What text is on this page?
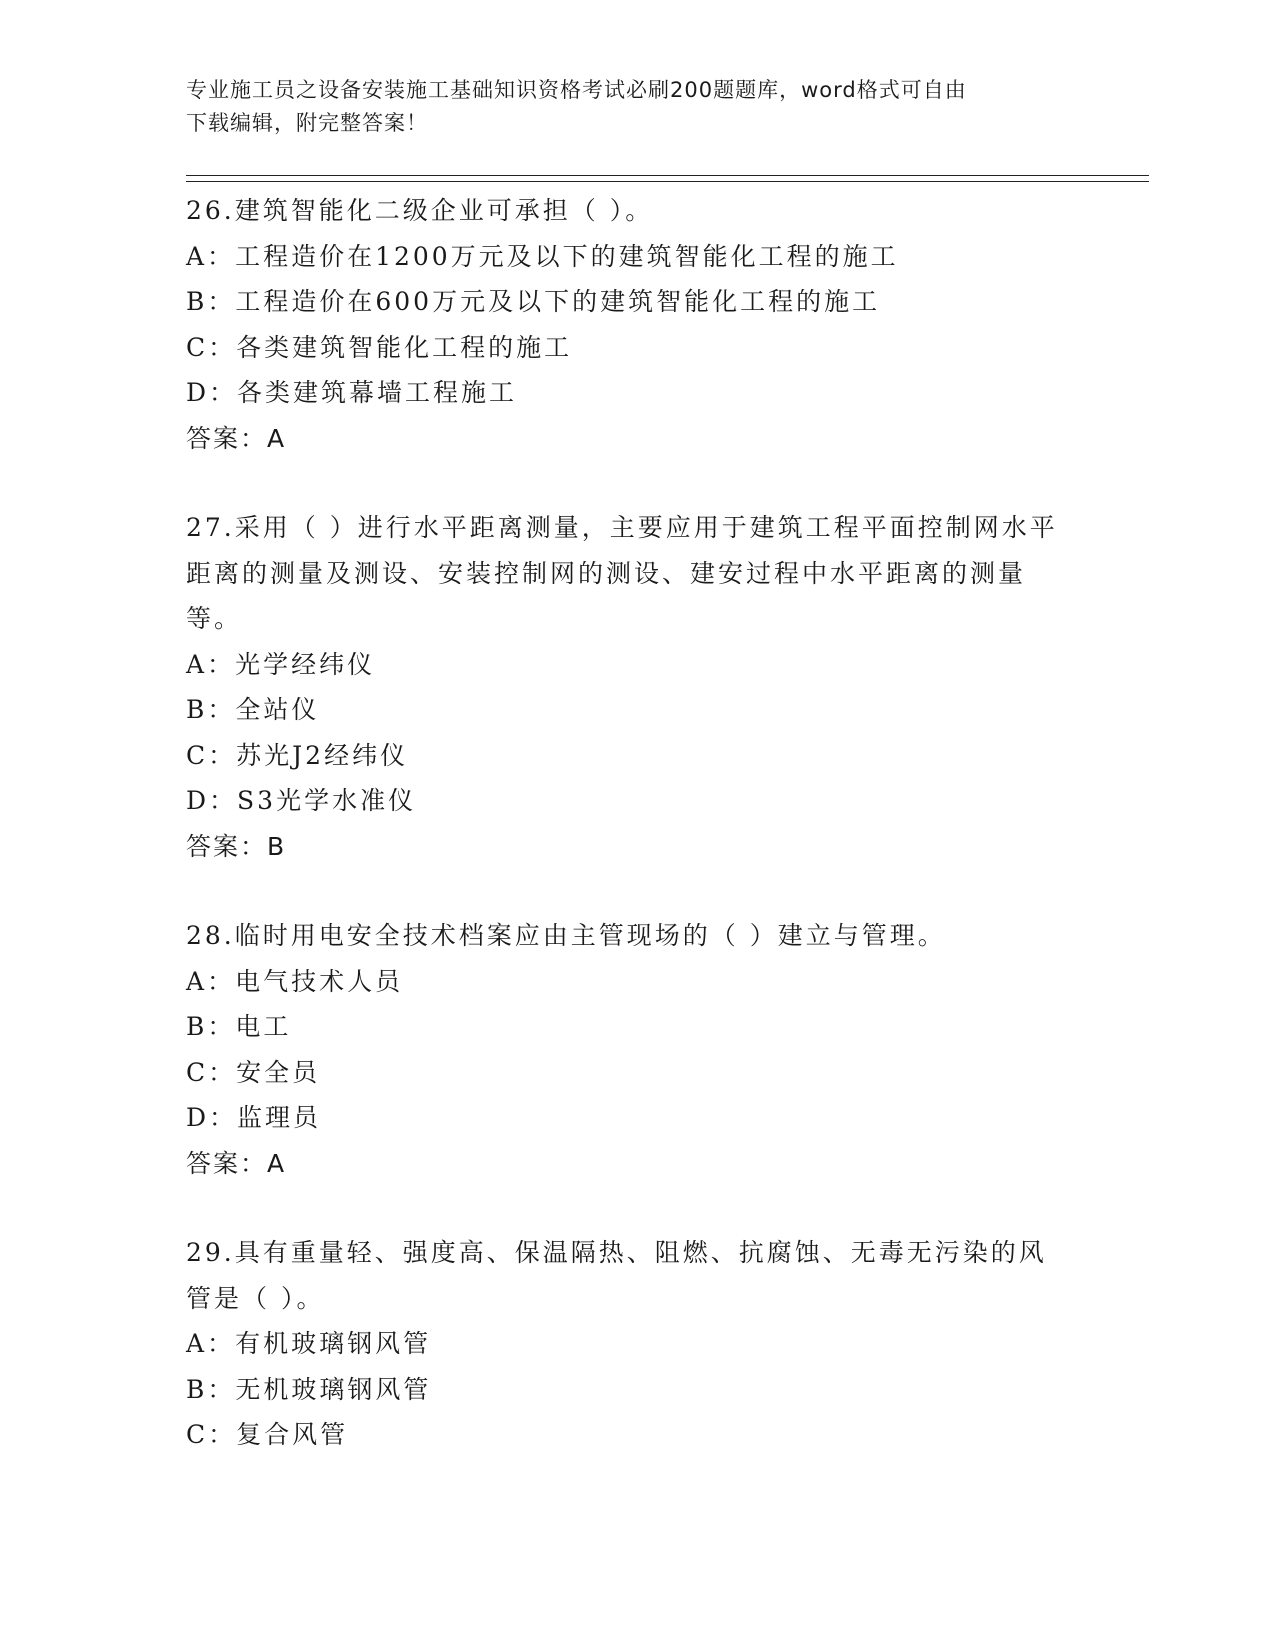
专业施工员之设备安装施工基础知识资格考试必刷200题题库，word格式可自由
下载编辑，附完整答案！
26.建筑智能化二级企业可承担（ ）。
A：工程造价在1200万元及以下的建筑智能化工程的施工
B：工程造价在600万元及以下的建筑智能化工程的施工
C：各类建筑智能化工程的施工
D：各类建筑幕墙工程施工
答案：A
27.采用（ ）进行水平距离测量，主要应用于建筑工程平面控制网水平距离的测量及测设、安装控制网的测设、建安过程中水平距离的测量等。
A：光学经纬仪
B：全站仪
C：苏光J2经纬仪
D：S3光学水准仪
答案：B
28.临时用电安全技术档案应由主管现场的（ ）建立与管理。
A：电气技术人员
B：电工
C：安全员
D：监理员
答案：A
29.具有重量轻、强度高、保温隔热、阻燃、抗腐蚀、无毒无污染的风管是（ ）。
A：有机玻璃钢风管
B：无机玻璃钢风管
C：复合风管
